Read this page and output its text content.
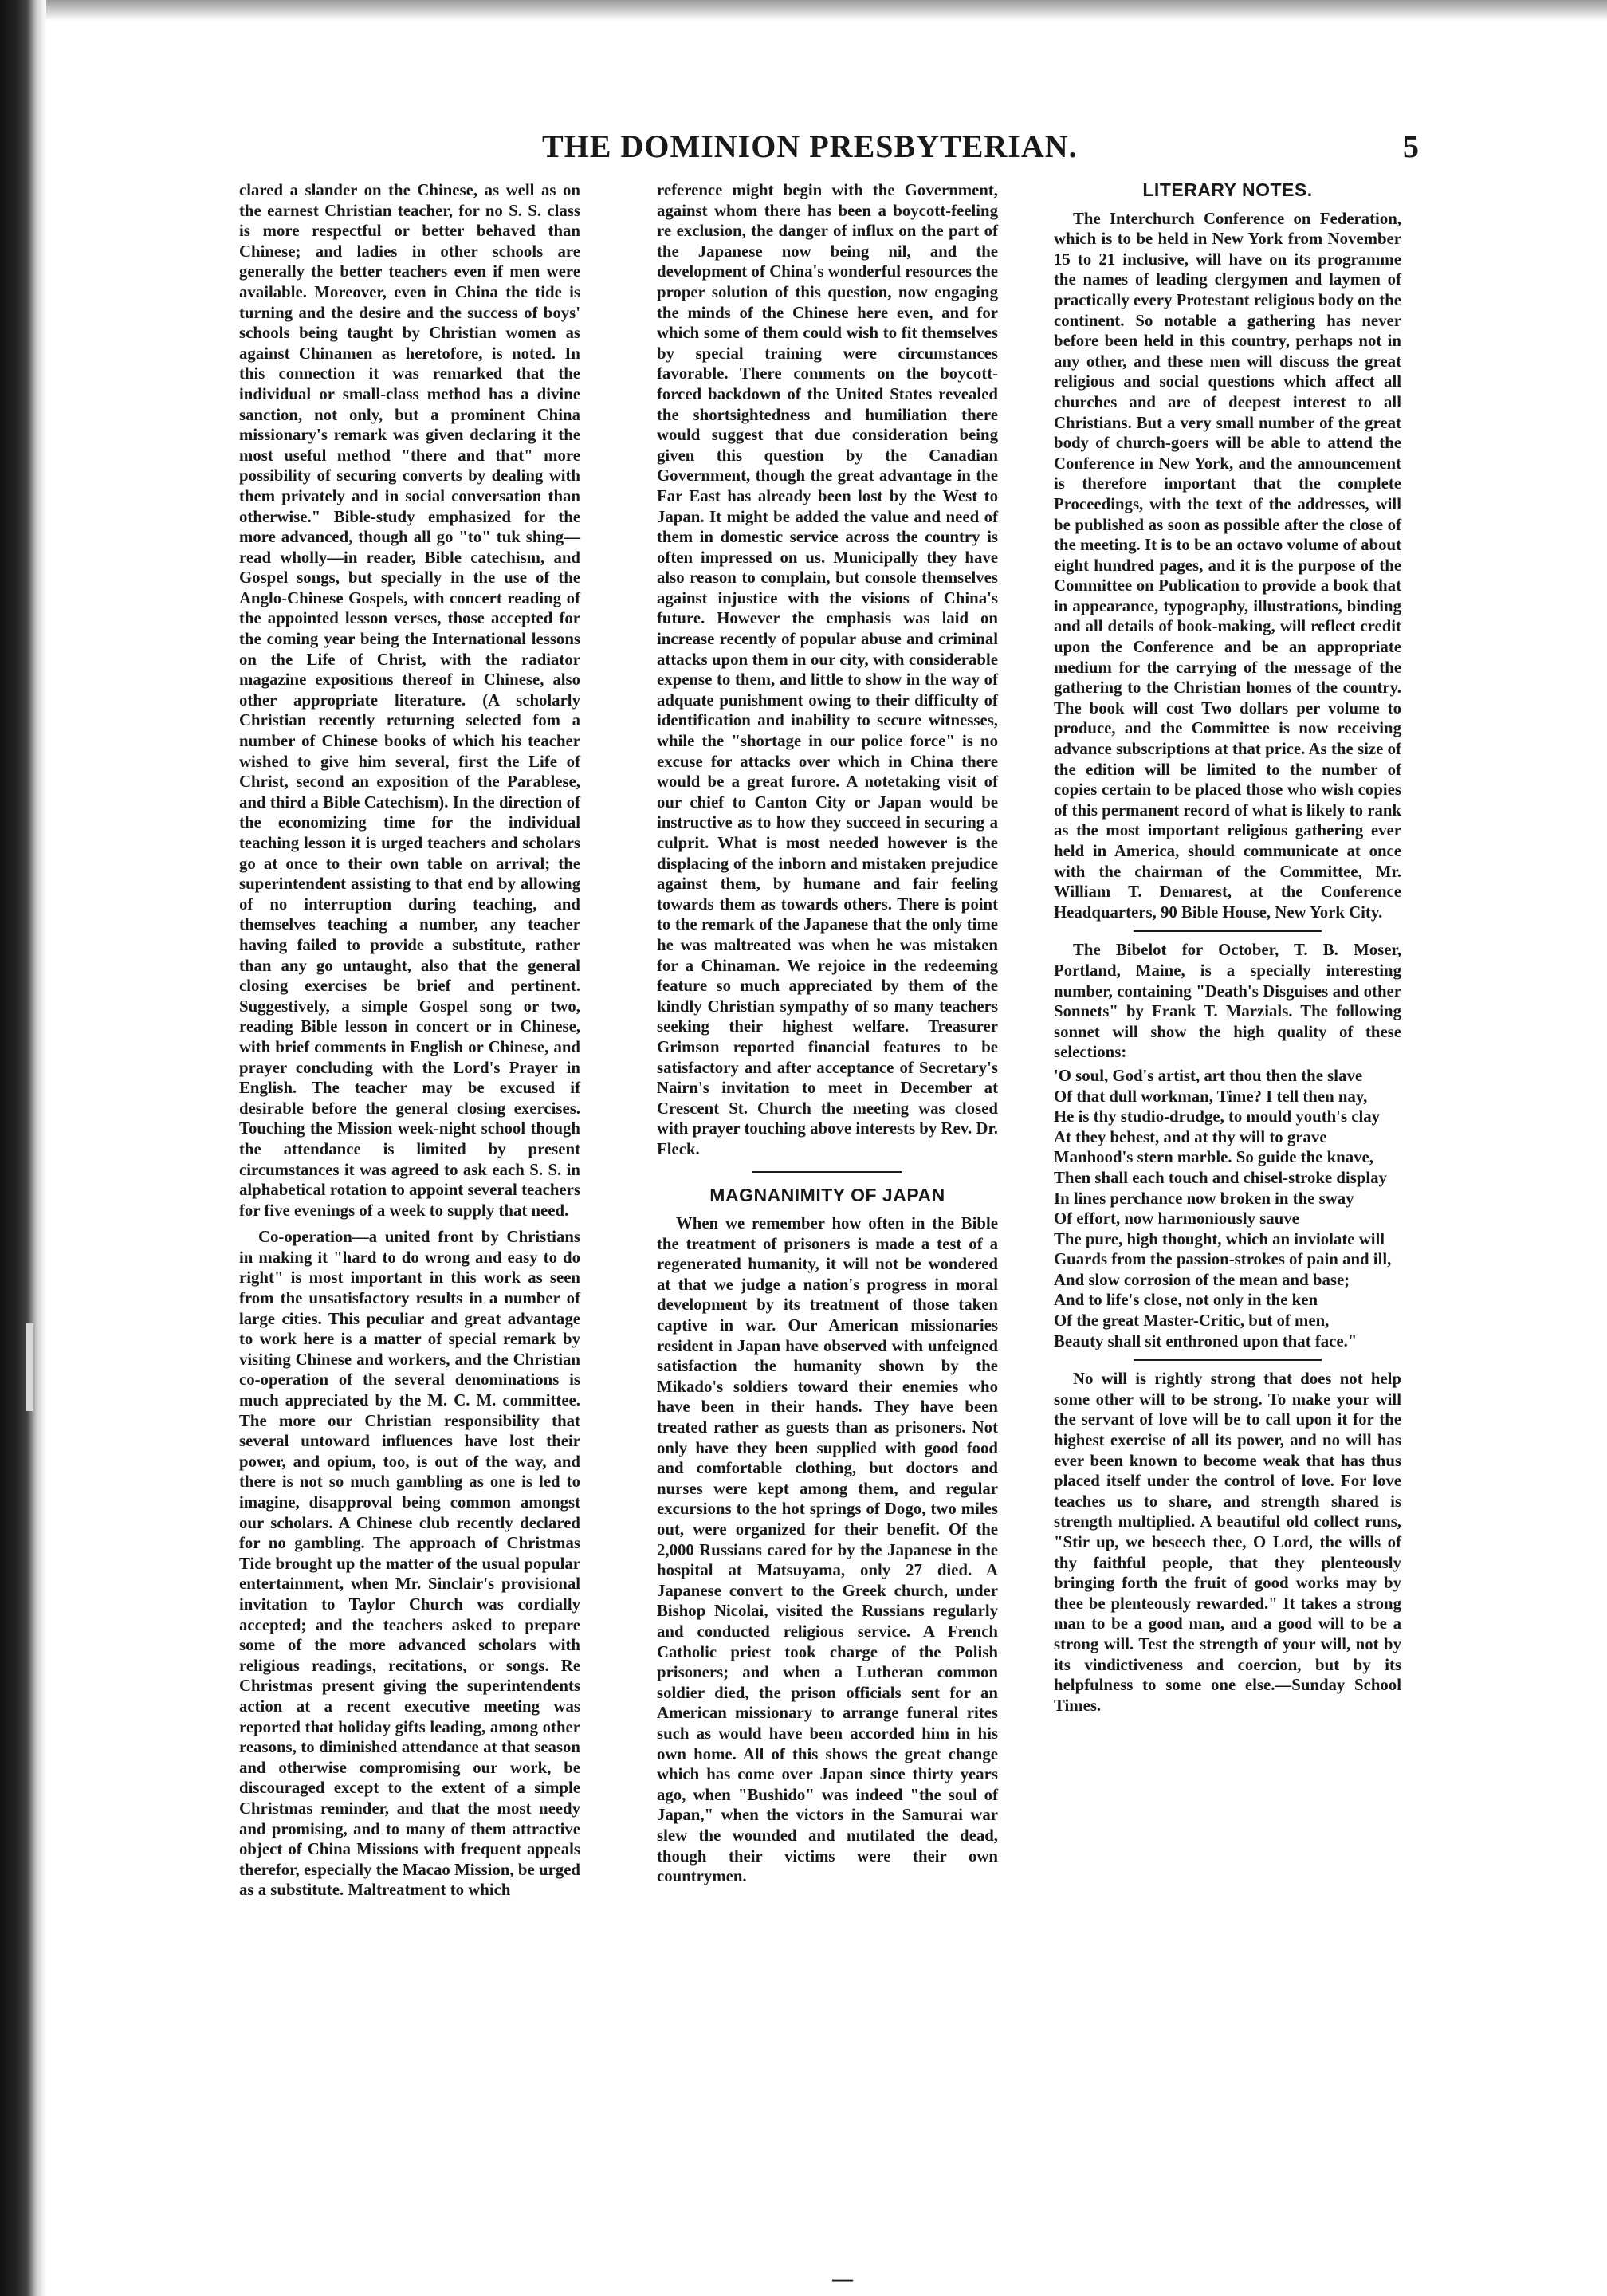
THE DOMINION PRESBYTERIAN.	5

clared a slander on the Chinese, as well as on the earnest Christian teacher, for no S. S. class is more respectful or better behaved than Chinese; and ladies in other schools are generally the better teachers even if men were available. Moreover, even in China the tide is turning and the desire and the success of boys' schools being taught by Christian women as against Chinamen as heretofore, is noted. In this connection it was remarked that the individual or small-class method has a divine sanction, not only, but a prominent China missionary's remark was given declaring it the most useful method "there and that" more possibility of securing converts by dealing with them privately and in social conversation than otherwise." Bible-study emphasized for the more advanced, though all go "to" tuk shing—read wholly—in reader, Bible catechism, and Gospel songs, but specially in the use of the Anglo-Chinese Gospels, with concert reading of the appointed lesson verses, those accepted for the coming year being the International lessons on the Life of Christ, with the radiator magazine expositions thereof in Chinese, also other appropriate literature. (A scholarly Christian recently returning selected fom a number of Chinese books of which his teacher wished to give him several, first the Life of Christ, second an exposition of the Parablese, and third a Bible Catechism). In the direction of the economizing time for the individual teaching lesson it is urged teachers and scholars go at once to their own table on arrival; the superintendent assisting to that end by allowing of no interruption during teaching, and themselves teaching a number, any teacher having failed to provide a substitute, rather than any go untaught, also that the general closing exercises be brief and pertinent. Suggestively, a simple Gospel song or two, reading Bible lesson in concert or in Chinese, with brief comments in English or Chinese, and prayer concluding with the Lord's Prayer in English. The teacher may be excused if desirable before the general closing exercises. Touching the Mission week-night school though the attendance is limited by present circumstances it was agreed to ask each S. S. in alphabetical rotation to appoint several teachers for five evenings of a week to supply that need.

Co-operation—a united front by Christians in making it "hard to do wrong and easy to do right" is most important in this work as seen from the unsatisfactory results in a number of large cities. This peculiar and great advantage to work here is a matter of special remark by visiting Chinese and workers, and the Christian co-operation of the several denominations is much appreciated by the M. C. M. committee. The more our Christian responsibility that several untoward influences have lost their power, and opium, too, is out of the way, and there is not so much gambling as one is led to imagine, disapproval being common amongst our scholars. A Chinese club recently declared for no gambling. The approach of Christmas Tide brought up the matter of the usual popular entertainment, when Mr. Sinclair's provisional invitation to Taylor Church was cordially accepted; and the teachers asked to prepare some of the more advanced scholars with religious readings, recitations, or songs. Re Christmas present giving the superintendents action at a recent executive meeting was reported that holiday gifts leading, among other reasons, to diminished attendance at that season and otherwise compromising our work, be discouraged except to the extent of a simple Christmas reminder, and that the most needy and promising, and to many of them attractive object of China Missions with frequent appeals therefor, especially the Macao Mission, be urged as a substitute. Maltreatment to which

reference might begin with the Government, against whom there has been a boycott-feeling re exclusion, the danger of influx on the part of the Japanese now being nil, and the development of China's wonderful resources the proper solution of this question, now engaging the minds of the Chinese here even, and for which some of them could wish to fit themselves by special training were circumstances favorable. There comments on the boycott-forced backdown of the United States revealed the shortsightedness and humiliation there would suggest that due consideration being given this question by the Canadian Government, though the great advantage in the Far East has already been lost by the West to Japan. It might be added the value and need of them in domestic service across the country is often impressed on us. Municipally they have also reason to complain, but console themselves against injustice with the visions of China's future. However the emphasis was laid on increase recently of popular abuse and criminal attacks upon them in our city, with considerable expense to them, and little to show in the way of adquate punishment owing to their difficulty of identification and inability to secure witnesses, while the "shortage in our police force" is no excuse for attacks over which in China there would be a great furore. A notetaking visit of our chief to Canton City or Japan would be instructive as to how they succeed in securing a culprit. What is most needed however is the displacing of the inborn and mistaken prejudice against them, by humane and fair feeling towards them as towards others. There is point to the remark of the Japanese that the only time he was maltreated was when he was mistaken for a Chinaman. We rejoice in the redeeming feature so much appreciated by them of the kindly Christian sympathy of so many teachers seeking their highest welfare. Treasurer Grimson reported financial features to be satisfactory and after acceptance of Secretary's Nairn's invitation to meet in December at Crescent St. Church the meeting was closed with prayer touching above interests by Rev. Dr. Fleck.

MAGNANIMITY OF JAPAN

When we remember how often in the Bible the treatment of prisoners is made a test of a regenerated humanity, it will not be wondered at that we judge a nation's progress in moral development by its treatment of those taken captive in war. Our American missionaries resident in Japan have observed with unfeigned satisfaction the humanity shown by the Mikado's soldiers toward their enemies who have been in their hands. They have been treated rather as guests than as prisoners. Not only have they been supplied with good food and comfortable clothing, but doctors and nurses were kept among them, and regular excursions to the hot springs of Dogo, two miles out, were organized for their benefit. Of the 2,000 Russians cared for by the Japanese in the hospital at Matsuyama, only 27 died. A Japanese convert to the Greek church, under Bishop Nicolai, visited the Russians regularly and conducted religious service. A French Catholic priest took charge of the Polish prisoners; and when a Lutheran common soldier died, the prison officials sent for an American missionary to arrange funeral rites such as would have been accorded him in his own home. All of this shows the great change which has come over Japan since thirty years ago, when "Bushido" was indeed "the soul of Japan," when the victors in the Samurai war slew the wounded and mutilated the dead, though their victims were their own countrymen.

LITERARY NOTES.

The Interchurch Conference on Federation, which is to be held in New York from November 15 to 21 inclusive, will have on its programme the names of leading clergymen and laymen of practically every Protestant religious body on the continent. So notable a gathering has never before been held in this country, perhaps not in any other, and these men will discuss the great religious and social questions which affect all churches and are of deepest interest to all Christians. But a very small number of the great body of church-goers will be able to attend the Conference in New York, and the announcement is therefore important that the complete Proceedings, with the text of the addresses, will be published as soon as possible after the close of the meeting. It is to be an octavo volume of about eight hundred pages, and it is the purpose of the Committee on Publication to provide a book that in appearance, typography, illustrations, binding and all details of book-making, will reflect credit upon the Conference and be an appropriate medium for the carrying of the message of the gathering to the Christian homes of the country. The book will cost Two dollars per volume to produce, and the Committee is now receiving advance subscriptions at that price. As the size of the edition will be limited to the number of copies certain to be placed those who wish copies of this permanent record of what is likely to rank as the most important religious gathering ever held in America, should communicate at once with the chairman of the Committee, Mr. William T. Demarest, at the Conference Headquarters, 90 Bible House, New York City.

The Bibelot for October, T. B. Moser, Portland, Maine, is a specially interesting number, containing "Death's Disguises and other Sonnets" by Frank T. Marzials. The following sonnet will show the high quality of these selections:

'O soul, God's artist, art thou then the slave
Of that dull workman, Time? I tell then nay,
He is thy studio-drudge, to mould youth's clay
At they behest, and at thy will to grave
Manhood's stern marble. So guide the knave,
Then shall each touch and chisel-stroke display
In lines perchance now broken in the sway
Of effort, now harmoniously sauve
The pure, high thought, which an inviolate will
Guards from the passion-strokes of pain and ill,
And slow corrosion of the mean and base;
And to life's close, not only in the ken
Of the great Master-Critic, but of men,
Beauty shall sit enthroned upon that face."

No will is rightly strong that does not help some other will to be strong. To make your will the servant of love will be to call upon it for the highest exercise of all its power, and no will has ever been known to become weak that has thus placed itself under the control of love. For love teaches us to share, and strength shared is strength multiplied. A beautiful old collect runs, "Stir up, we beseech thee, O Lord, the wills of thy faithful people, that they plenteously bringing forth the fruit of good works may by thee be plenteously rewarded." It takes a strong man to be a good man, and a good will to be a strong will. Test the strength of your will, not by its vindictiveness and coercion, but by its helpfulness to some one else.—Sunday School Times.

—
